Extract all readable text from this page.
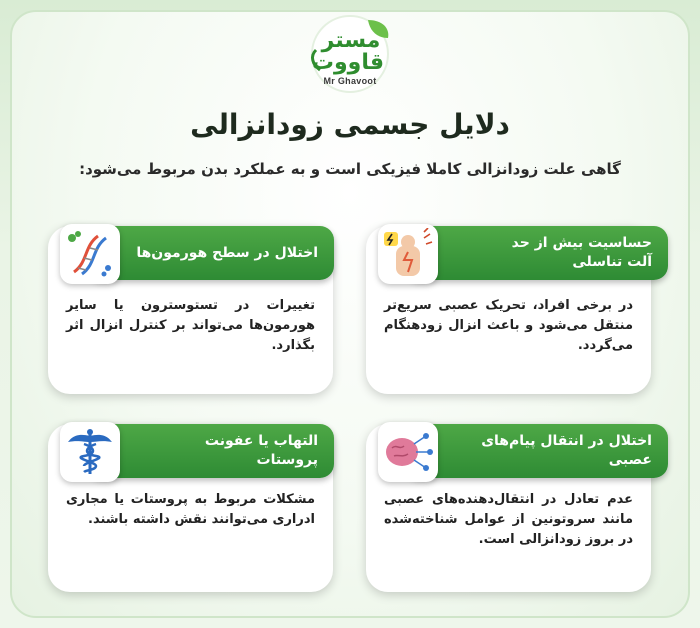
مستر
قاووت
Mr Ghavoot
دلایل جسمی زودانزالی
گاهی علت زودانزالی کاملا فیزیکی است و به عملکرد بدن مربوط می‌شود:
در برخی افراد، تحریک عصبی سریع‌تر منتقل می‌شود و باعث انزال زودهنگام می‌گردد.
حساسیت بیش از حد
آلت تناسلی
تغییرات در تستوسترون یا سایر هورمون‌ها می‌تواند بر کنترل انزال اثر بگذارد.
اختلال در سطح هورمون‌ها
عدم تعادل در انتقال‌دهنده‌های عصبی مانند سروتونین از عوامل شناخته‌شده در بروز زودانزالی است.
اختلال در انتقال پیام‌های
عصبی
مشکلات مربوط به پروستات یا مجاری ادراری می‌توانند نقش داشته باشند.
التهاب یا عفونت
پروستات
